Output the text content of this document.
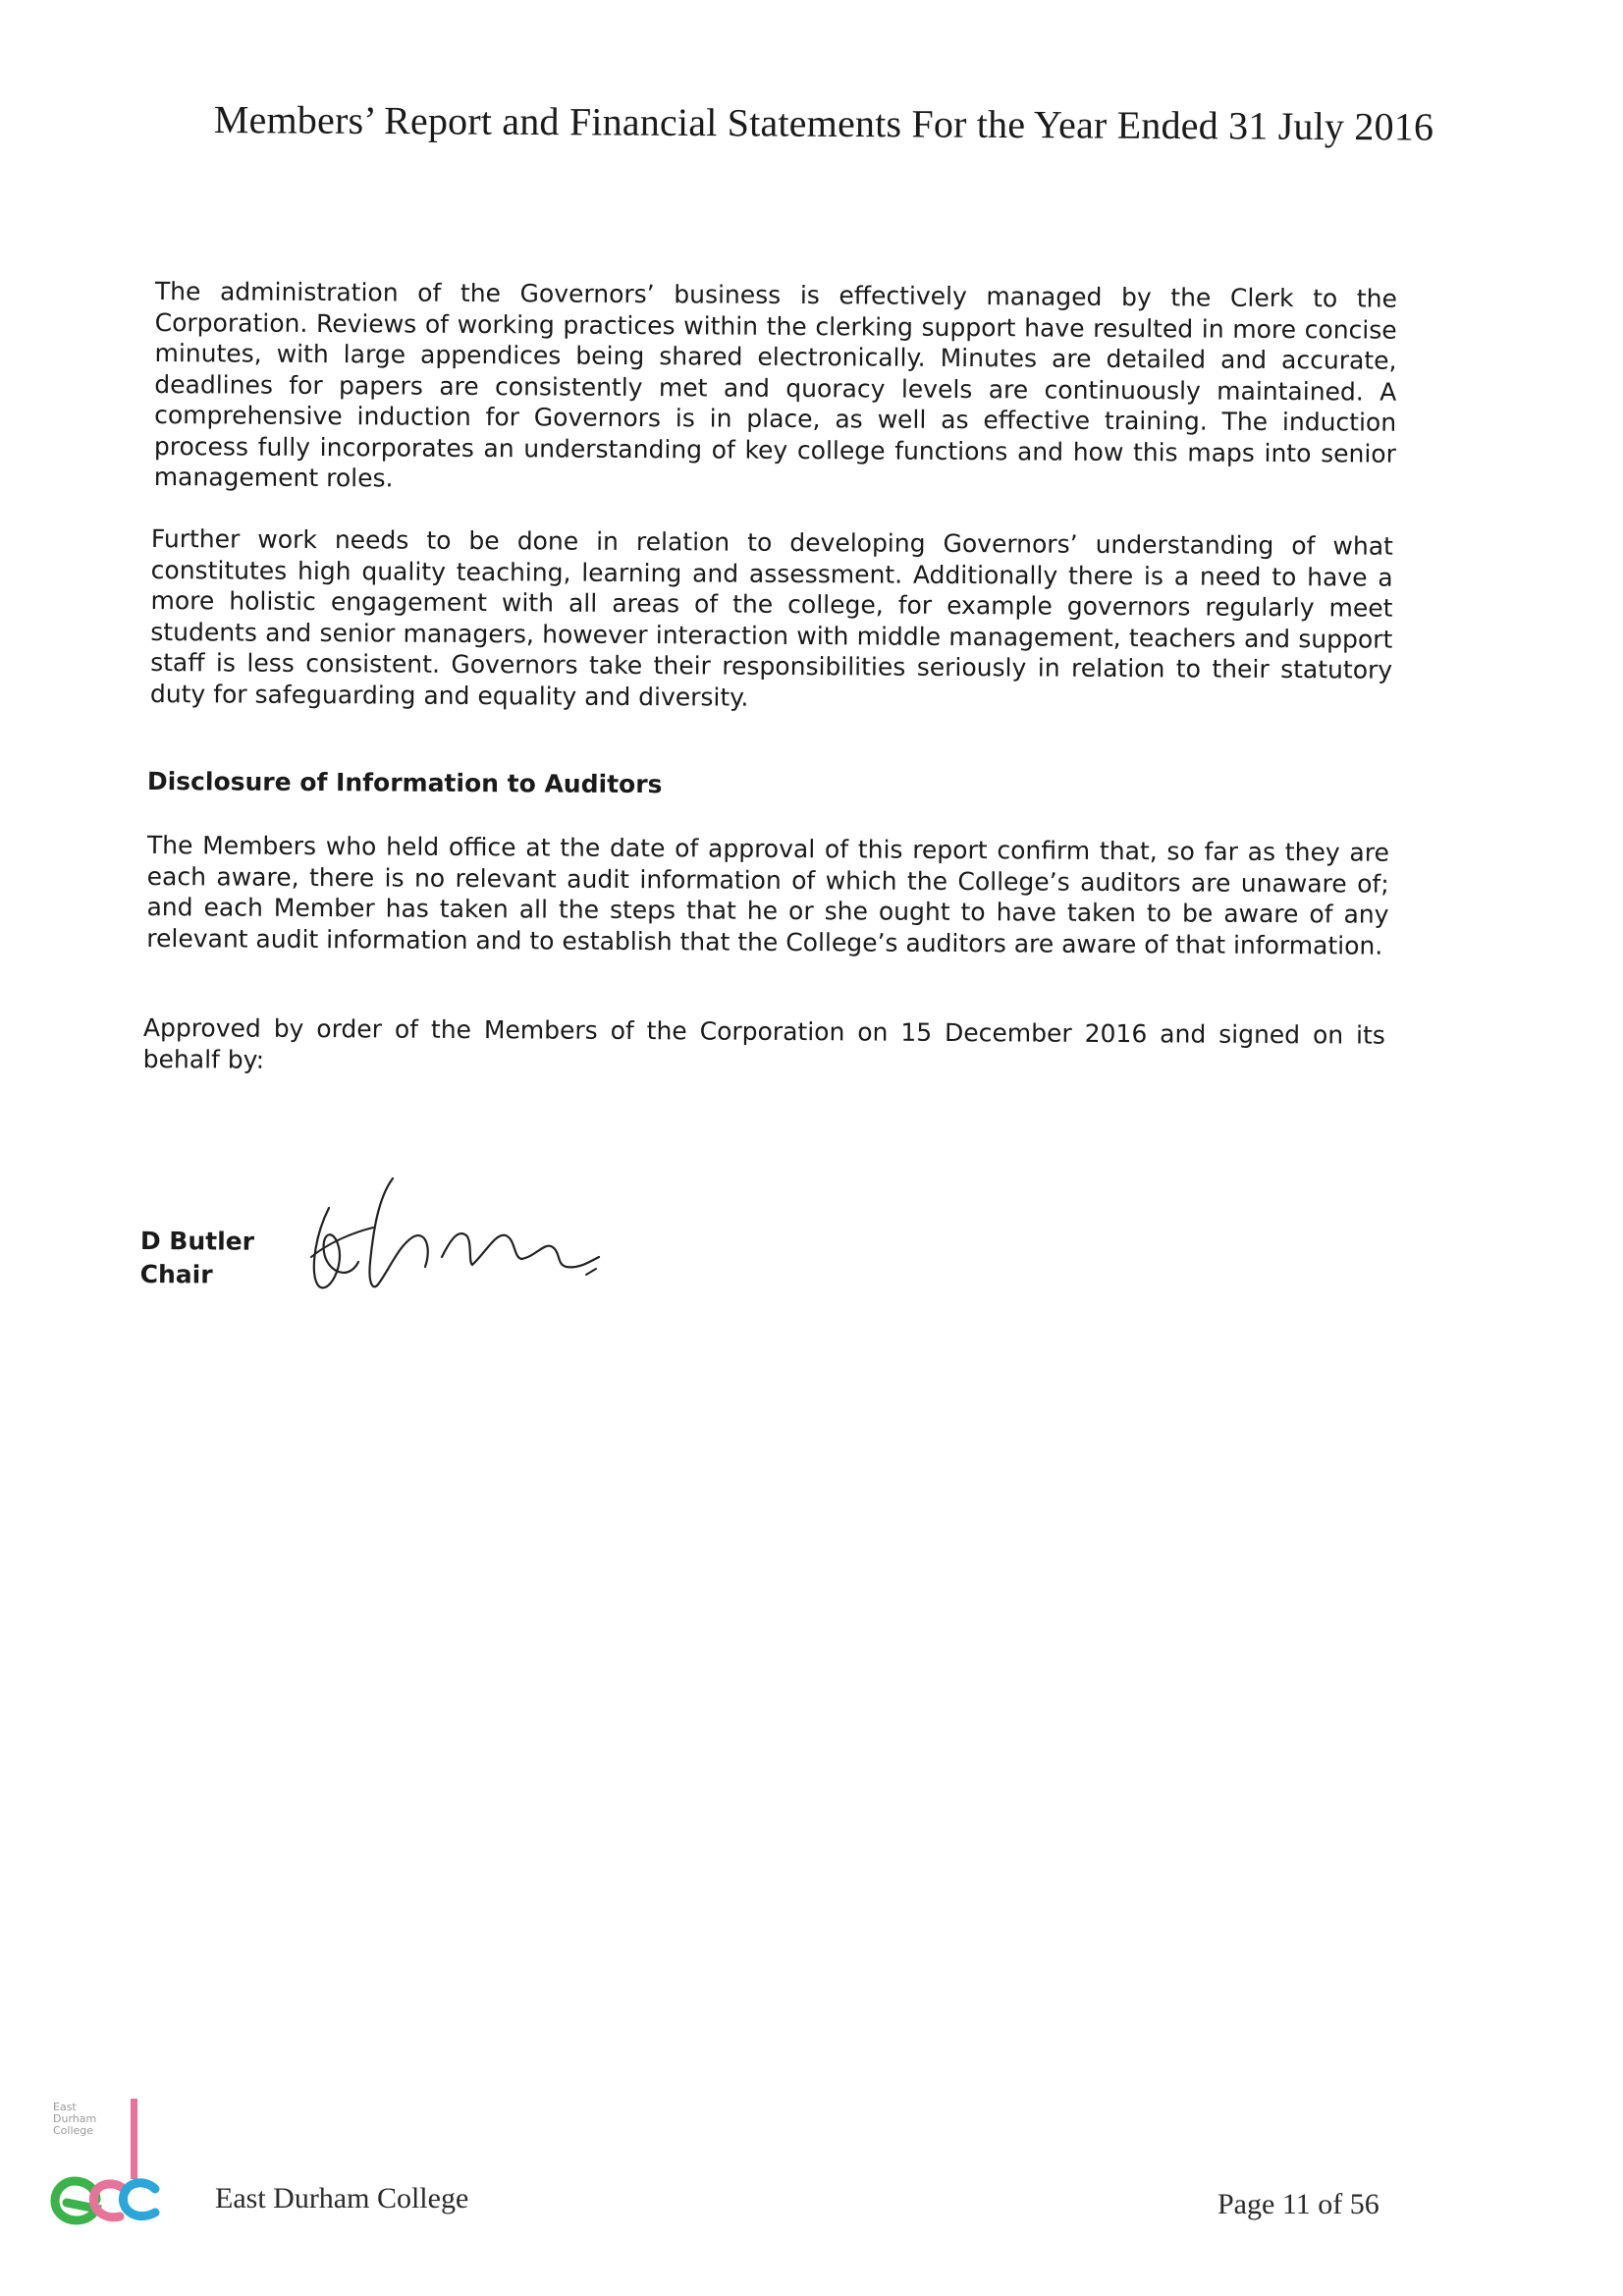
Members’ Report and Financial Statements For the Year Ended 31 July 2016

The administration of the Governors’ business is effectively managed by the Clerk to the Corporation. Reviews of working practices within the clerking support have resulted in more concise minutes, with large appendices being shared electronically. Minutes are detailed and accurate, deadlines for papers are consistently met and quoracy levels are continuously maintained. A comprehensive induction for Governors is in place, as well as effective training. The induction process fully incorporates an understanding of key college functions and how this maps into senior management roles.

Further work needs to be done in relation to developing Governors’ understanding of what constitutes high quality teaching, learning and assessment. Additionally there is a need to have a more holistic engagement with all areas of the college, for example governors regularly meet students and senior managers, however interaction with middle management, teachers and support staff is less consistent. Governors take their responsibilities seriously in relation to their statutory duty for safeguarding and equality and diversity.

Disclosure of Information to Auditors

The Members who held office at the date of approval of this report confirm that, so far as they are each aware, there is no relevant audit information of which the College’s auditors are unaware of; and each Member has taken all the steps that he or she ought to have taken to be aware of any relevant audit information and to establish that the College’s auditors are aware of that information.

Approved by order of the Members of the Corporation on 15 December 2016 and signed on its behalf by:

D Butler
Chair
East
Durham
College
East Durham College	Page 11 of 56
